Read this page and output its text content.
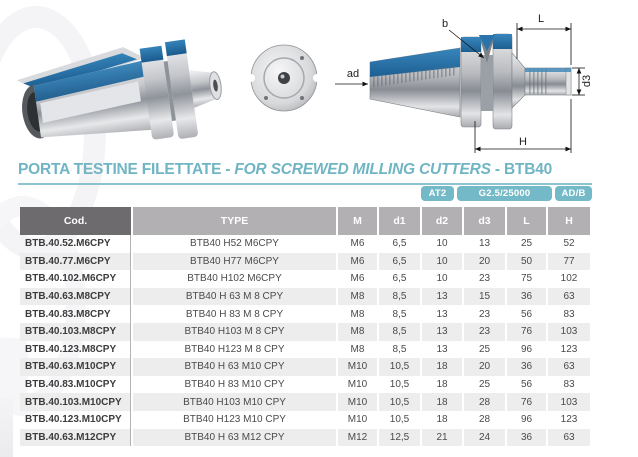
L
H
d3
b
ad
PORTA TESTINE FILETTATE - FOR SCREWED MILLING CUTTERS - BTB40
AT2	G2.5/25000	AD/B
Cod.	TYPE	M	d1	d2	d3	L	H
BTB.40.52.M6CPY	BTB40 H52 M6CPY	M6	6,5	10	13	25	52
BTB.40.77.M6CPY	BTB40 H77 M6CPY	M6	6,5	10	20	50	77
BTB.40.102.M6CPY	BTB40 H102 M6CPY	M6	6,5	10	23	75	102
BTB.40.63.M8CPY	BTB40 H 63 M 8 CPY	M8	8,5	13	15	36	63
BTB.40.83.M8CPY	BTB40 H 83 M 8 CPY	M8	8,5	13	23	56	83
BTB.40.103.M8CPY	BTB40 H103 M 8 CPY	M8	8,5	13	23	76	103
BTB.40.123.M8CPY	BTB40 H123 M 8 CPY	M8	8,5	13	25	96	123
BTB.40.63.M10CPY	BTB40 H 63 M10 CPY	M10	10,5	18	20	36	63
BTB.40.83.M10CPY	BTB40 H 83 M10 CPY	M10	10,5	18	25	56	83
BTB.40.103.M10CPY	BTB40 H103 M10 CPY	M10	10,5	18	28	76	103
BTB.40.123.M10CPY	BTB40 H123 M10 CPY	M10	10,5	18	28	96	123
BTB.40.63.M12CPY	BTB40 H 63 M12 CPY	M12	12,5	21	24	36	63
